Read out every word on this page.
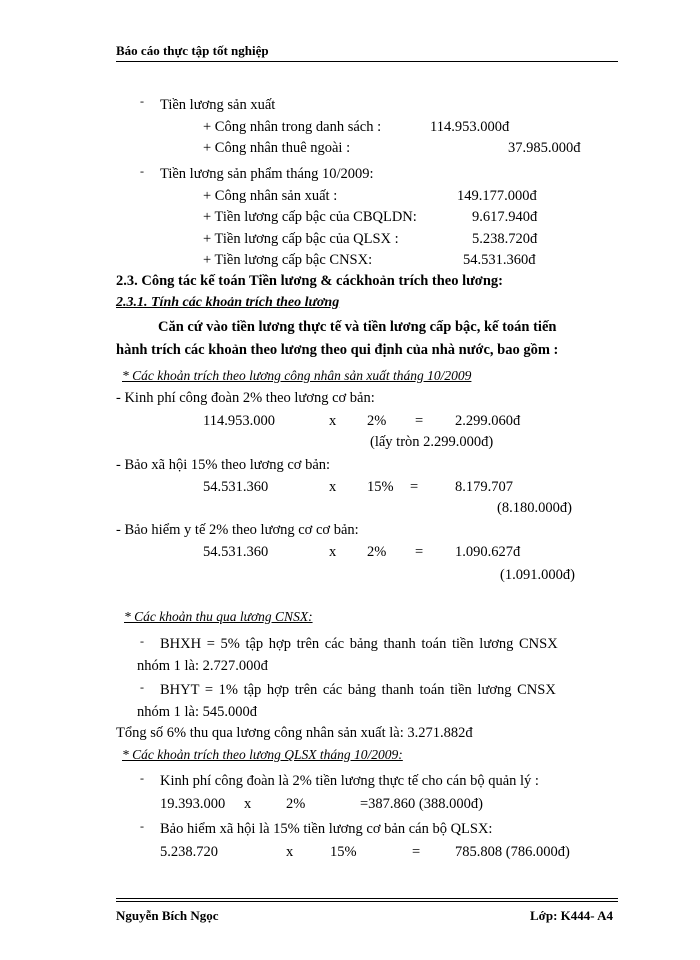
Báo cáo thực tập tốt nghiệp
- Tiền lương sản xuất
+ Công nhân trong danh sách :	114.953.000đ
+ Công nhân thuê ngoài :	37.985.000đ
- Tiền lương sản phẩm tháng 10/2009:
+ Công nhân sản xuất :	149.177.000đ
+ Tiền lương cấp bậc của CBQLDN:	9.617.940đ
+ Tiền lương cấp bậc của QLSX :	5.238.720đ
+ Tiền lương cấp bậc CNSX:	54.531.360đ
2.3. Công tác kế toán Tiền lương & cáckhoản trích theo lương:
2.3.1. Tính các khoản trích theo lương
Căn cứ vào tiền lương thực tế và tiền lương cấp bậc, kế toán tiến
hành trích các khoản theo lương theo qui định của nhà nước, bao gồm :
* Các khoản trích theo lương công nhân sản xuất tháng 10/2009
- Kinh phí công đoàn 2% theo lương cơ bản:
114.953.000	x 2% = 2.299.060đ
(lấy tròn 2.299.000đ)
- Bảo xã hội 15% theo lương cơ bản:
54.531.360	x 15% =	8.179.707
(8.180.000đ)
- Bảo hiểm y tế 2% theo lương cơ cơ bản:
54.531.360	x 2% = 1.090.627đ
(1.091.000đ)
* Các khoản thu qua lương CNSX:
- BHXH = 5% tập hợp trên các bảng thanh toán tiền lương CNSX
nhóm 1 là: 2.727.000đ
- BHYT = 1% tập hợp trên các bảng thanh toán tiền lương CNSX
nhóm 1 là: 545.000đ
Tổng số 6% thu qua lương công nhân sản xuất là: 3.271.882đ
* Các khoản trích theo lương QLSX tháng 10/2009:
- Kinh phí công đoàn là 2% tiền lương thực tế cho cán bộ quản lý :
19.393.000 x 2%	=387.860 (388.000đ)
- Bảo hiểm xã hội là 15% tiền lương cơ bản cán bộ QLSX:
5.238.720	x	15%	= 785.808 (786.000đ)
Nguyễn Bích Ngọc	Lớp: K444- A4
